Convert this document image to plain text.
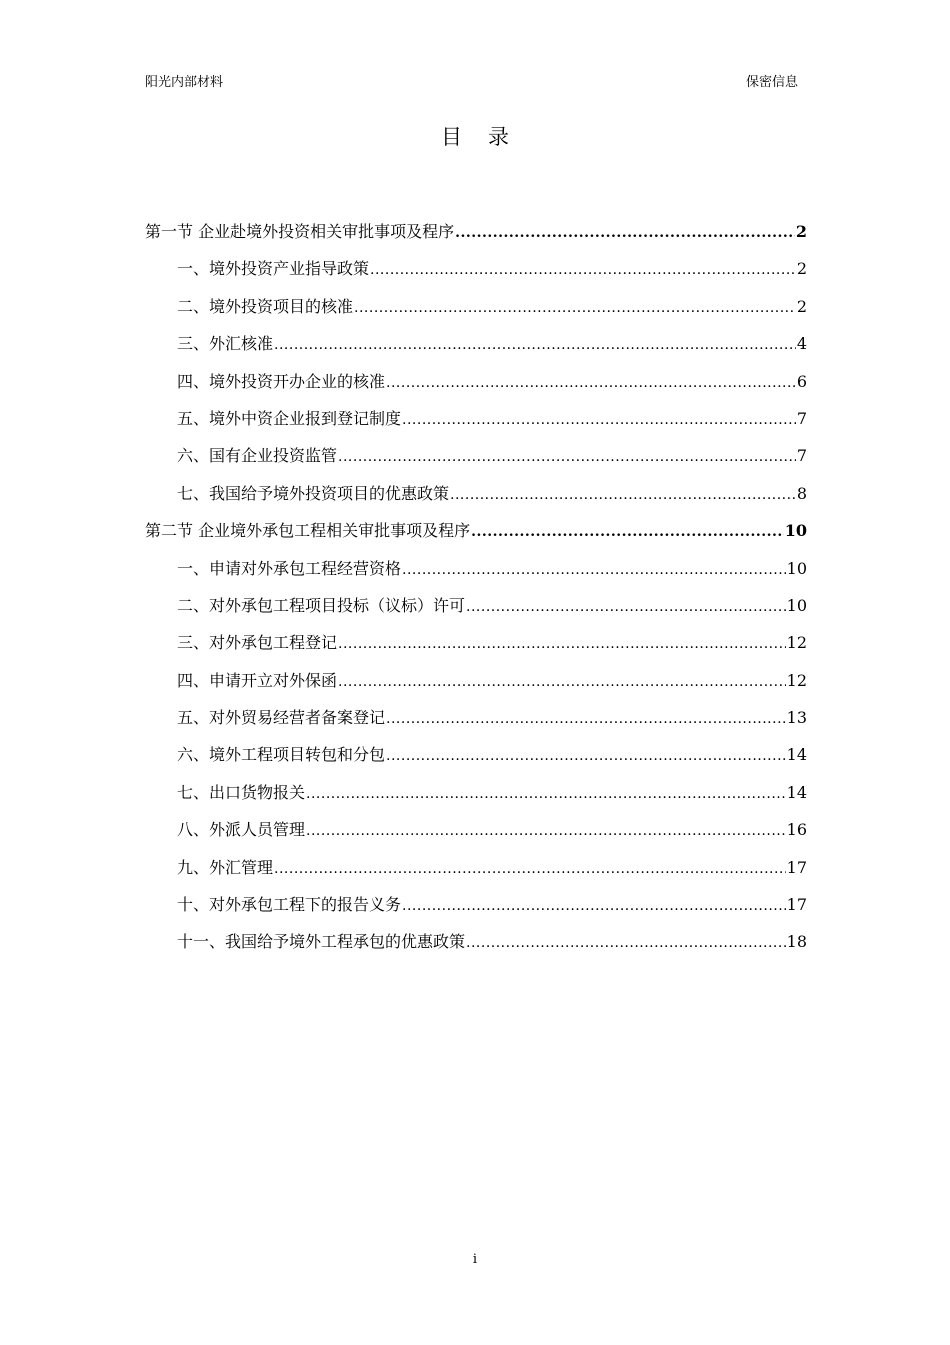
阳光内部材料	保密信息
目录
第一节 企业赴境外投资相关审批事项及程序 .....	2
一、境外投资产业指导政策 .....	2
二、境外投资项目的核准 .....	2
三、外汇核准 .....	4
四、境外投资开办企业的核准 .....	6
五、境外中资企业报到登记制度 .....	7
六、国有企业投资监管 .....	7
七、我国给予境外投资项目的优惠政策 .....	8
第二节 企业境外承包工程相关审批事项及程序 .....	10
一、申请对外承包工程经营资格 .....	10
二、对外承包工程项目投标（议标）许可 .....	10
三、对外承包工程登记 .....	12
四、申请开立对外保函 .....	12
五、对外贸易经营者备案登记 .....	13
六、境外工程项目转包和分包 .....	14
七、出口货物报关 .....	14
八、外派人员管理 .....	16
九、外汇管理 .....	17
十、对外承包工程下的报告义务 .....	17
十一、我国给予境外工程承包的优惠政策 .....	18
i
